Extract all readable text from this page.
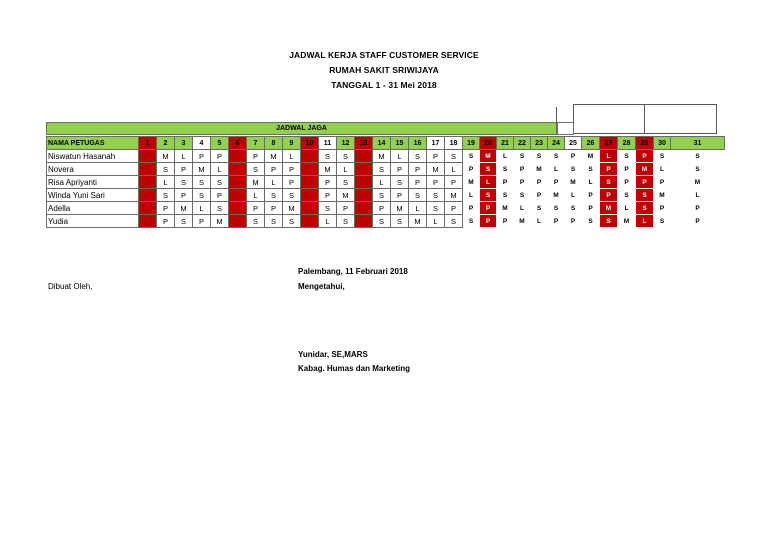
JADWAL KERJA STAFF CUSTOMER SERVICE
RUMAH SAKIT SRIWIJAYA
TANGGAL 1 - 31 Mei 2018
JADWAL JAGA
NAMA PETUGAS	1	2	3	4	5	6	7	8	9	10	11	12	13	14	15	16	17	18	19	20	21	22	23	24	25	26	27	28	29	30	31
Niswatun Hasanah	S	M	L	P	P	P	P	M	L	S	S	S	P	M	L	S	P	S	S	M	L	S	S	S	P	M	L	S	P	S	S
Novera	S	S	P	M	L	L	S	P	P	S	M	L	S	S	P	P	M	L	P	S	S	P	M	L	S	S	P	P	M	L	S
Risa Apriyanti	M	L	S	S	S	P	M	L	P	P	P	S	M	L	S	P	P	P	M	L	P	P	P	P	M	L	S	P	P	P	M
Winda Yuni Sari	L	S	P	S	P	M	L	S	S	P	P	M	L	S	P	S	S	M	L	S	S	S	P	M	L	P	P	S	S	M	L
Adella	P	P	M	L	S	S	P	P	M	L	S	P	P	P	M	L	S	P	P	P	M	L	S	S	S	P	M	L	S	P	P
Yudia	P	P	S	P	M	L	S	S	S	M	L	S	S	S	S	M	L	S	S	P	P	M	L	P	P	S	S	M	L	S	P
Palembang, 11 Februari 2018
Dibuat Oleh,	Mengetahui,
Yunidar, SE,MARS
Kabag. Humas dan Marketing
